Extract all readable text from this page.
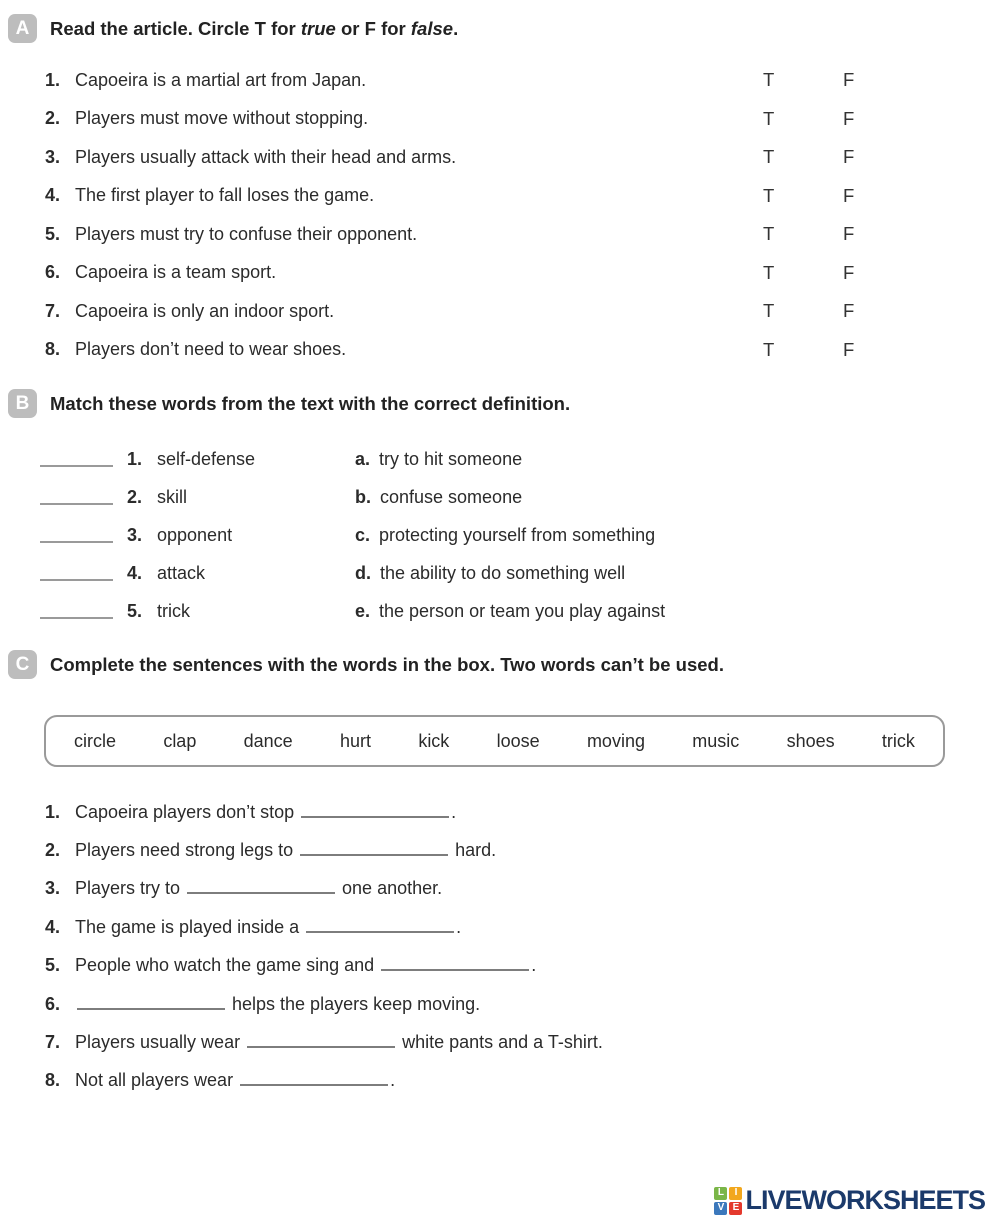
A	Read the article. Circle T for true or F for false.
1. Capoeira is a martial art from Japan.	T	F
2. Players must move without stopping.	T	F
3. Players usually attack with their head and arms.	T	F
4. The first player to fall loses the game.	T	F
5. Players must try to confuse their opponent.	T	F
6. Capoeira is a team sport.	T	F
7. Capoeira is only an indoor sport.	T	F
8. Players don’t need to wear shoes.	T	F
B	Match these words from the text with the correct definition.
1. self-defense	a. try to hit someone
2. skill	b. confuse someone
3. opponent	c. protecting yourself from something
4. attack	d. the ability to do something well
5. trick	e. the person or team you play against
C	Complete the sentences with the words in the box. Two words can’t be used.
circle	clap	dance	hurt	kick	loose	moving	music	shoes	trick
1. Capoeira players don’t stop	.
2. Players need strong legs to	hard.
3. Players try to	one another.
4. The game is played inside a	.
5. People who watch the game sing and	.
6.	helps the players keep moving.
7. Players usually wear	white pants and a T-shirt.
8. Not all players wear	.
L	I
V E LIVEWORKSHEETS
